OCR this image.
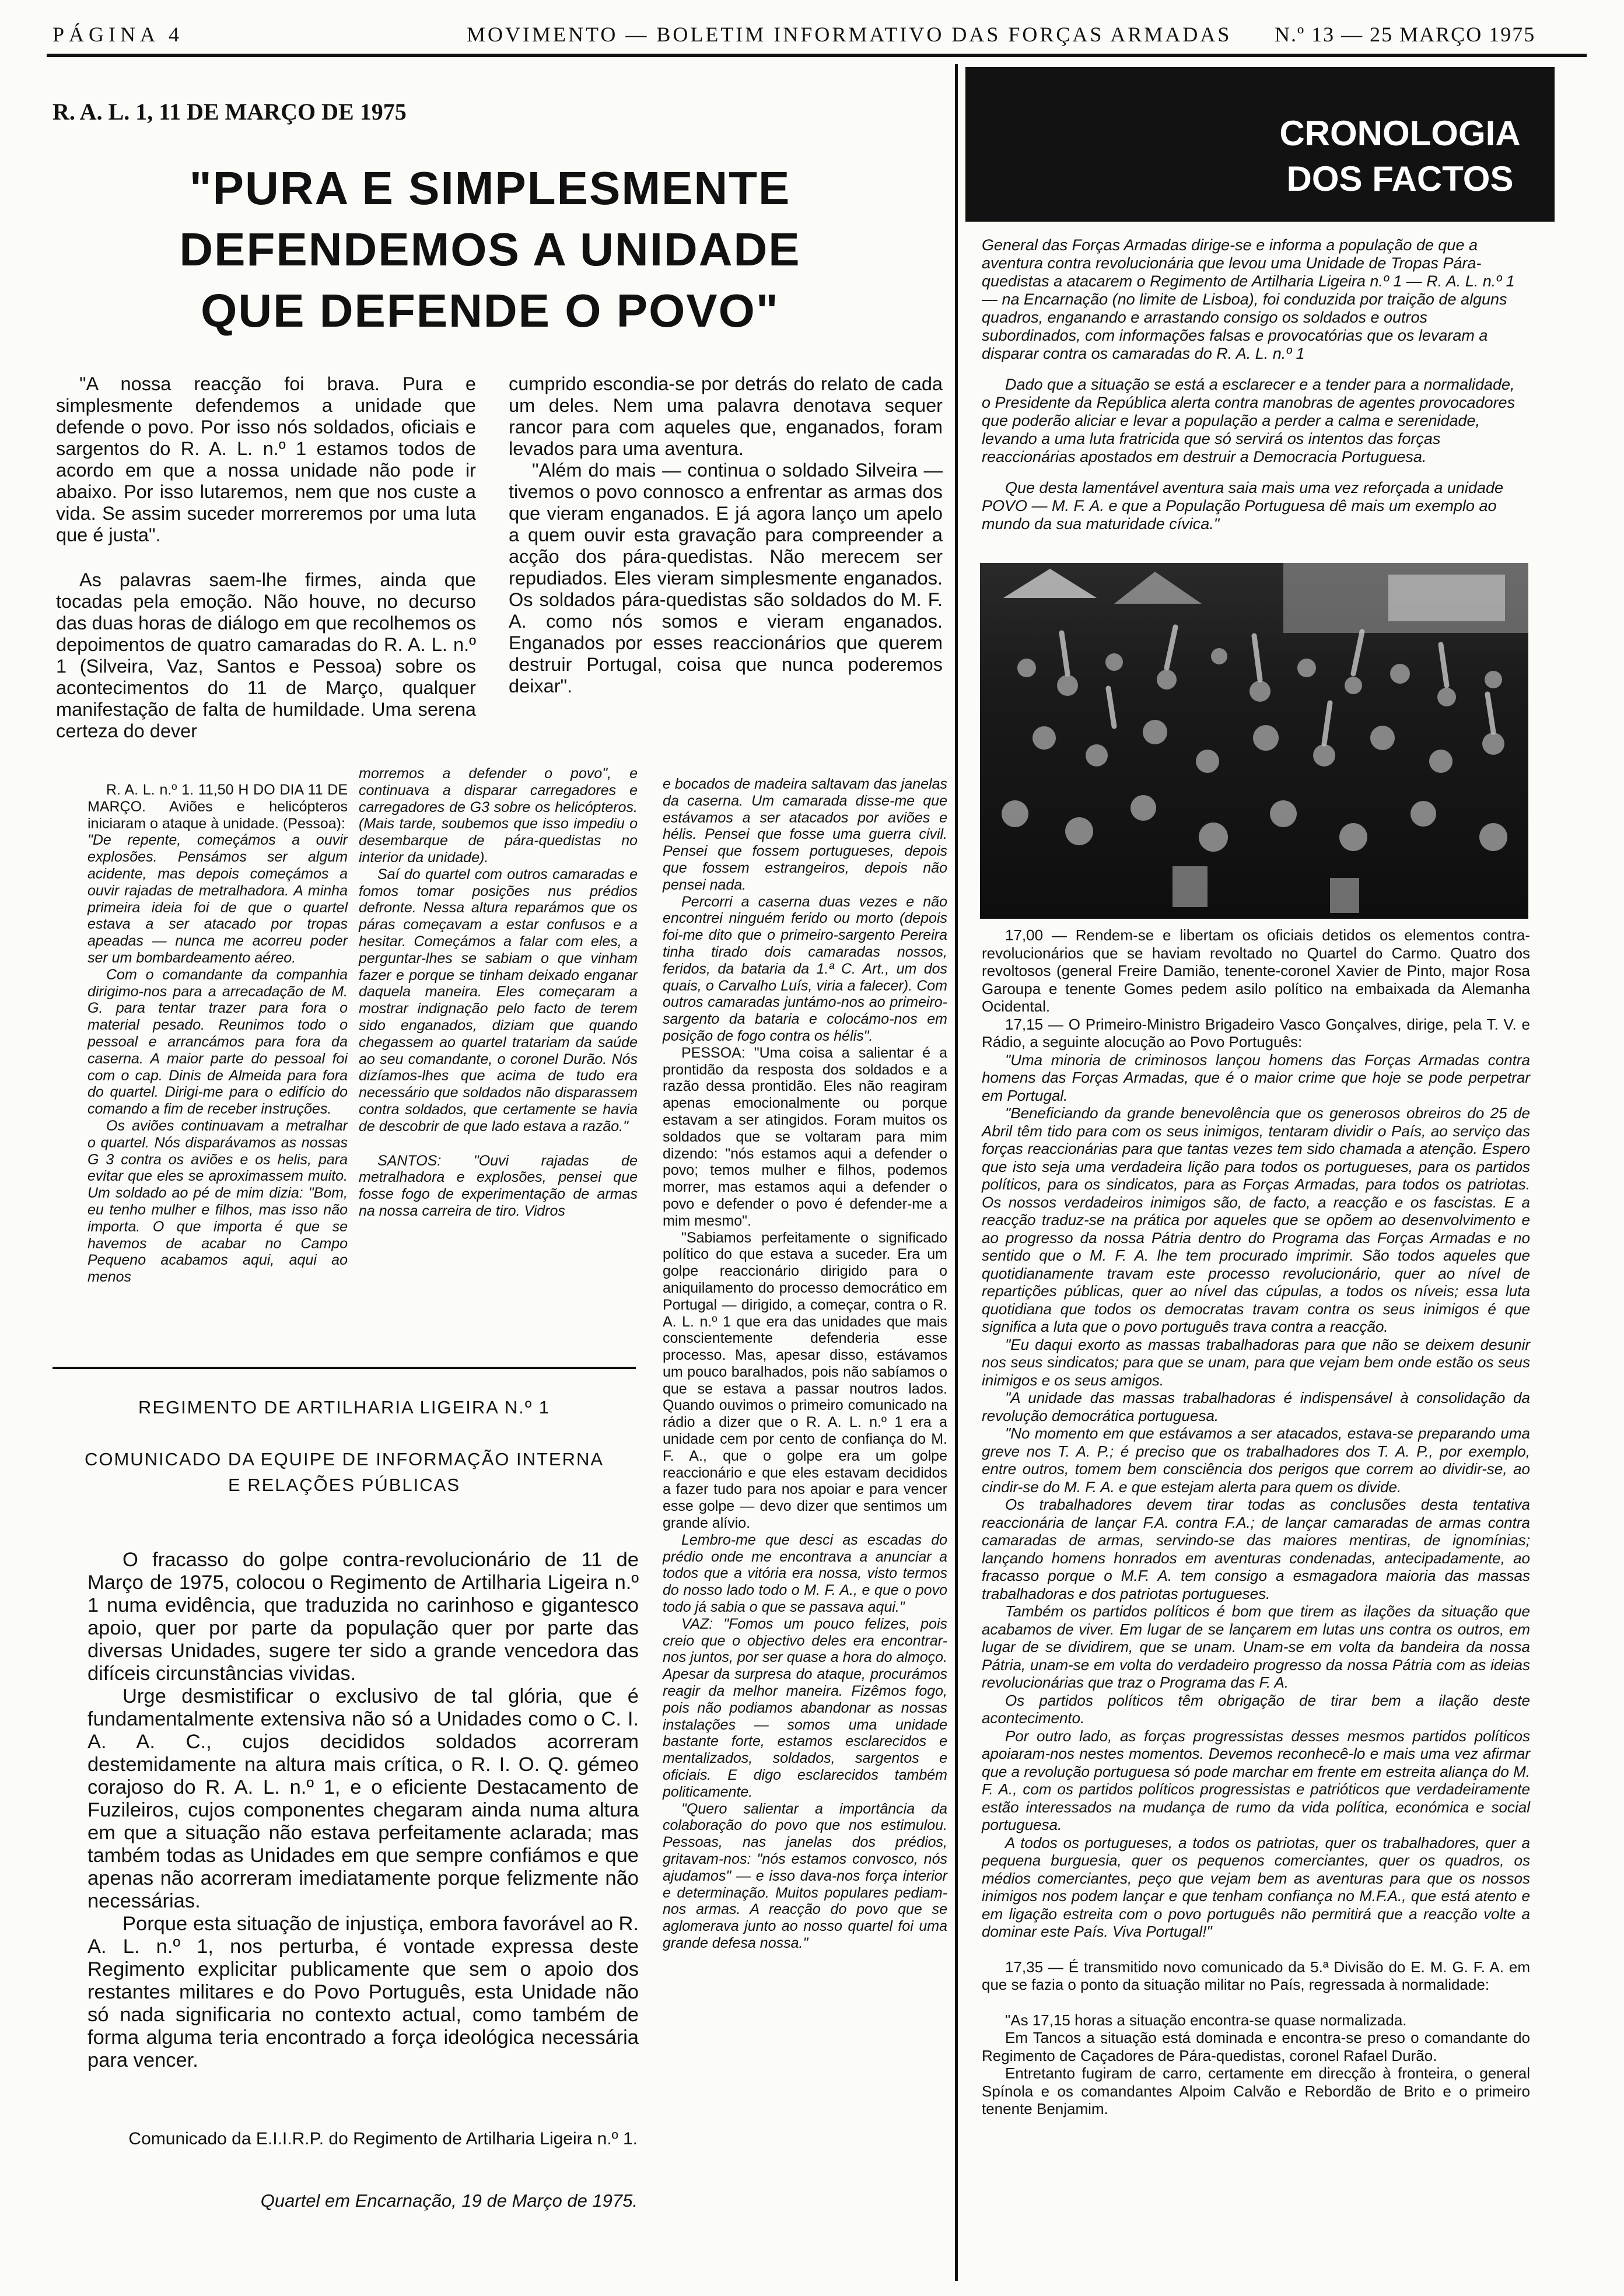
PÁGINA 4	MOVIMENTO — BOLETIM INFORMATIVO DAS FORÇAS ARMADAS N.º 13 — 25 MARÇO 1975
R. A. L. 1, 11 DE MARÇO DE 1975
"PURA E SIMPLESMENTE
DEFENDEMOS A UNIDADE
QUE DEFENDE O POVO"

"A nossa reacção foi brava. Pura e simplesmente defendemos a unidade que defende o povo. Por isso nós soldados, oficiais e sargentos do R. A. L. n.º 1 estamos todos de acordo em que a nossa unidade não pode ir abaixo. Por isso lutaremos, nem que nos custe a vida. Se assim suceder morreremos por uma luta que é justa".

As palavras saem-lhe firmes, ainda que tocadas pela emoção. Não houve, no decurso das duas horas de diálogo em que recolhemos os depoimentos de quatro camaradas do R. A. L. n.º 1 (Silveira, Vaz, Santos e Pessoa) sobre os acontecimentos do 11 de Março, qualquer manifestação de falta de humildade. Uma serena certeza do dever

cumprido escondia-se por detrás do relato de cada um deles. Nem uma palavra denotava sequer rancor para com aqueles que, enganados, foram levados para uma aventura.

"Além do mais — continua o soldado Silveira — tivemos o povo connosco a enfrentar as armas dos que vieram enganados. E já agora lanço um apelo a quem ouvir esta gravação para compreender a acção dos pára-quedistas. Não merecem ser repudiados. Eles vieram simplesmente enganados. Os soldados pára-quedistas são soldados do M. F. A. como nós somos e vieram enganados. Enganados por esses reaccionários que querem destruir Portugal, coisa que nunca poderemos deixar".

R. A. L. n.º 1. 11,50 H DO DIA 11 DE MARÇO. Aviões e helicópteros iniciaram o ataque à unidade. (Pessoa):

"De repente, começámos a ouvir explosões. Pensámos ser algum acidente, mas depois começámos a ouvir rajadas de metralhadora. A minha primeira ideia foi de que o quartel estava a ser atacado por tropas apeadas — nunca me acorreu poder ser um bombardeamento aéreo.

Com o comandante da companhia dirigimo-nos para a arrecadação de M. G. para tentar trazer para fora o material pesado. Reunimos todo o pessoal e arrancámos para fora da caserna. A maior parte do pessoal foi com o cap. Dinis de Almeida para fora do quartel. Dirigi-me para o edifício do comando a fim de receber instruções.

Os aviões continuavam a metralhar o quartel. Nós disparávamos as nossas G 3 contra os aviões e os helis, para evitar que eles se aproximassem muito. Um soldado ao pé de mim dizia: "Bom, eu tenho mulher e filhos, mas isso não importa. O que importa é que se havemos de acabar no Campo Pequeno acabamos aqui, aqui ao menos

morremos a defender o povo", e continuava a disparar carregadores e carregadores de G3 sobre os helicópteros. (Mais tarde, soubemos que isso impediu o desembarque de pára-quedistas no interior da unidade).

Saí do quartel com outros camaradas e fomos tomar posições nus prédios defronte. Nessa altura reparámos que os páras começavam a estar confusos e a hesitar. Começámos a falar com eles, a perguntar-lhes se sabiam o que vinham fazer e porque se tinham deixado enganar daquela maneira. Eles começaram a mostrar indignação pelo facto de terem sido enganados, diziam que quando chegassem ao quartel tratariam da saúde ao seu comandante, o coronel Durão. Nós dizíamos-lhes que acima de tudo era necessário que soldados não disparassem contra soldados, que certamente se havia de descobrir de que lado estava a razão."

SANTOS: "Ouvi rajadas de metralhadora e explosões, pensei que fosse fogo de experimentação de armas na nossa carreira de tiro. Vidros

e bocados de madeira saltavam das janelas da caserna. Um camarada disse-me que estávamos a ser atacados por aviões e hélis. Pensei que fosse uma guerra civil. Pensei que fossem portugueses, depois que fossem estrangeiros, depois não pensei nada.

Percorri a caserna duas vezes e não encontrei ninguém ferido ou morto (depois foi-me dito que o primeiro-sargento Pereira tinha tirado dois camaradas nossos, feridos, da bataria da 1.ª C. Art., um dos quais, o Carvalho Luís, viria a falecer). Com outros camaradas juntámo-nos ao primeiro-sargento da bataria e colocámo-nos em posição de fogo contra os hélis".

PESSOA: "Uma coisa a salientar é a prontidão da resposta dos soldados e a razão dessa prontidão. Eles não reagiram apenas emocionalmente ou porque estavam a ser atingidos. Foram muitos os soldados que se voltaram para mim dizendo: "nós estamos aqui a defender o povo; temos mulher e filhos, podemos morrer, mas estamos aqui a defender o povo e defender o povo é defender-me a mim mesmo".

"Sabiamos perfeitamente o significado político do que estava a suceder. Era um golpe reaccionário dirigido para o aniquilamento do processo democrático em Portugal — dirigido, a começar, contra o R. A. L. n.º 1 que era das unidades que mais conscientemente defenderia esse processo. Mas, apesar disso, estávamos um pouco baralhados, pois não sabíamos o que se estava a passar noutros lados. Quando ouvimos o primeiro comunicado na rádio a dizer que o R. A. L. n.º 1 era a unidade cem por cento de confiança do M. F. A., que o golpe era um golpe reaccionário e que eles estavam decididos a fazer tudo para nos apoiar e para vencer esse golpe — devo dizer que sentimos um grande alívio.

Lembro-me que desci as escadas do prédio onde me encontrava a anunciar a todos que a vitória era nossa, visto termos do nosso lado todo o M. F. A., e que o povo todo já sabia o que se passava aqui."

VAZ: "Fomos um pouco felizes, pois creio que o objectivo deles era encontrar-nos juntos, por ser quase a hora do almoço. Apesar da surpresa do ataque, procurámos reagir da melhor maneira. Fizêmos fogo, pois não podiamos abandonar as nossas instalações — somos uma unidade bastante forte, estamos esclarecidos e mentalizados, soldados, sargentos e oficiais. E digo esclarecidos também politicamente.

"Quero salientar a importância da colaboração do povo que nos estimulou. Pessoas, nas janelas dos prédios, gritavam-nos: "nós estamos convosco, nós ajudamos" — e isso dava-nos força interior e determinação. Muitos populares pediam-nos armas. A reacção do povo que se aglomerava junto ao nosso quartel foi uma grande defesa nossa."

REGIMENTO DE ARTILHARIA LIGEIRA N.º 1
COMUNICADO DA EQUIPE DE INFORMAÇÃO INTERNA
E RELAÇÕES PÚBLICAS

O fracasso do golpe contra-revolucionário de 11 de Março de 1975, colocou o Regimento de Artilharia Ligeira n.º 1 numa evidência, que traduzida no carinhoso e gigantesco apoio, quer por parte da população quer por parte das diversas Unidades, sugere ter sido a grande vencedora das difíceis circunstâncias vividas.

Urge desmistificar o exclusivo de tal glória, que é fundamentalmente extensiva não só a Unidades como o C. I. A. A. C., cujos decididos soldados acorreram destemidamente na altura mais crítica, o R. I. O. Q. gémeo corajoso do R. A. L. n.º 1, e o eficiente Destacamento de Fuzileiros, cujos componentes chegaram ainda numa altura em que a situação não estava perfeitamente aclarada; mas também todas as Unidades em que sempre confiámos e que apenas não acorreram imediatamente porque felizmente não necessárias.

Porque esta situação de injustiça, embora favorável ao R. A. L. n.º 1, nos perturba, é vontade expressa deste Regimento explicitar publicamente que sem o apoio dos restantes militares e do Povo Português, esta Unidade não só nada significaria no contexto actual, como também de forma alguma teria encontrado a força ideológica necessária para vencer.

Comunicado da E.I.I.R.P. do Regimento de Artilharia Ligeira n.º 1.
Quartel em Encarnação, 19 de Março de 1975.
CRONOLOGIA
DOS FACTOS

General das Forças Armadas dirige-se e informa a população de que a aventura contra revolucionária que levou uma Unidade de Tropas Pára-quedistas a atacarem o Regimento de Artilharia Ligeira n.º 1 — R. A. L. n.º 1 — na Encarnação (no limite de Lisboa), foi conduzida por traição de alguns quadros, enganando e arrastando consigo os soldados e outros subordinados, com informações falsas e provocatórias que os levaram a disparar contra os camaradas do R. A. L. n.º 1

Dado que a situação se está a esclarecer e a tender para a normalidade, o Presidente da República alerta contra manobras de agentes provocadores que poderão aliciar e levar a população a perder a calma e serenidade, levando a uma luta fratricida que só servirá os intentos das forças reaccionárias apostados em destruir a Democracia Portuguesa.

Que desta lamentável aventura saia mais uma vez reforçada a unidade POVO — M. F. A. e que a População Portuguesa dê mais um exemplo ao mundo da sua maturidade cívica."

17,00 — Rendem-se e libertam os oficiais detidos os elementos contra-revolucionários que se haviam revoltado no Quartel do Carmo. Quatro dos revoltosos (general Freire Damião, tenente-coronel Xavier de Pinto, major Rosa Garoupa e tenente Gomes pedem asilo político na embaixada da Alemanha Ocidental.

17,15 — O Primeiro-Ministro Brigadeiro Vasco Gonçalves, dirige, pela T. V. e Rádio, a seguinte alocução ao Povo Português:

"Uma minoria de criminosos lançou homens das Forças Armadas contra homens das Forças Armadas, que é o maior crime que hoje se pode perpetrar em Portugal.

"Beneficiando da grande benevolência que os generosos obreiros do 25 de Abril têm tido para com os seus inimigos, tentaram dividir o País, ao serviço das forças reaccionárias para que tantas vezes tem sido chamada a atenção. Espero que isto seja uma verdadeira lição para todos os portugueses, para os partidos políticos, para os sindicatos, para as Forças Armadas, para todos os patriotas. Os nossos verdadeiros inimigos são, de facto, a reacção e os fascistas. E a reacção traduz-se na prática por aqueles que se opõem ao desenvolvimento e ao progresso da nossa Pátria dentro do Programa das Forças Armadas e no sentido que o M. F. A. lhe tem procurado imprimir. São todos aqueles que quotidianamente travam este processo revolucionário, quer ao nível de repartições públicas, quer ao nível das cúpulas, a todos os níveis; essa luta quotidiana que todos os democratas travam contra os seus inimigos é que significa a luta que o povo português trava contra a reacção.

"Eu daqui exorto as massas trabalhadoras para que não se deixem desunir nos seus sindicatos; para que se unam, para que vejam bem onde estão os seus inimigos e os seus amigos.

"A unidade das massas trabalhadoras é indispensável à consolidação da revolução democrática portuguesa.

"No momento em que estávamos a ser atacados, estava-se preparando uma greve nos T. A. P.; é preciso que os trabalhadores dos T. A. P., por exemplo, entre outros, tomem bem consciência dos perigos que correm ao dividir-se, ao cindir-se do M. F. A. e que estejam alerta para quem os divide.

Os trabalhadores devem tirar todas as conclusões desta tentativa reaccionária de lançar F.A. contra F.A.; de lançar camaradas de armas contra camaradas de armas, servindo-se das maiores mentiras, de ignomínias; lançando homens honrados em aventuras condenadas, antecipadamente, ao fracasso porque o M.F. A. tem consigo a esmagadora maioria das massas trabalhadoras e dos patriotas portugueses.

Também os partidos políticos é bom que tirem as ilações da situação que acabamos de viver. Em lugar de se lançarem em lutas uns contra os outros, em lugar de se dividirem, que se unam. Unam-se em volta da bandeira da nossa Pátria, unam-se em volta do verdadeiro progresso da nossa Pátria com as ideias revolucionárias que traz o Programa das F. A.

Os partidos políticos têm obrigação de tirar bem a ilação deste acontecimento.

Por outro lado, as forças progressistas desses mesmos partidos políticos apoiaram-nos nestes momentos. Devemos reconhecê-lo e mais uma vez afirmar que a revolução portuguesa só pode marchar em frente em estreita aliança do M. F. A., com os partidos políticos progressistas e patrióticos que verdadeiramente estão interessados na mudança de rumo da vida política, económica e social portuguesa.

A todos os portugueses, a todos os patriotas, quer os trabalhadores, quer a pequena burguesia, quer os pequenos comerciantes, quer os quadros, os médios comerciantes, peço que vejam bem as aventuras para que os nossos inimigos nos podem lançar e que tenham confiança no M.F.A., que está atento e em ligação estreita com o povo português não permitirá que a reacção volte a dominar este País. Viva Portugal!"

17,35 — É transmitido novo comunicado da 5.ª Divisão do E. M. G. F. A. em que se fazia o ponto da situação militar no País, regressada à normalidade:

"As 17,15 horas a situação encontra-se quase normalizada.

Em Tancos a situação está dominada e encontra-se preso o comandante do Regimento de Caçadores de Pára-quedistas, coronel Rafael Durão.

Entretanto fugiram de carro, certamente em direcção à fronteira, o general Spínola e os comandantes Alpoim Calvão e Rebordão de Brito e o primeiro tenente Benjamim.
